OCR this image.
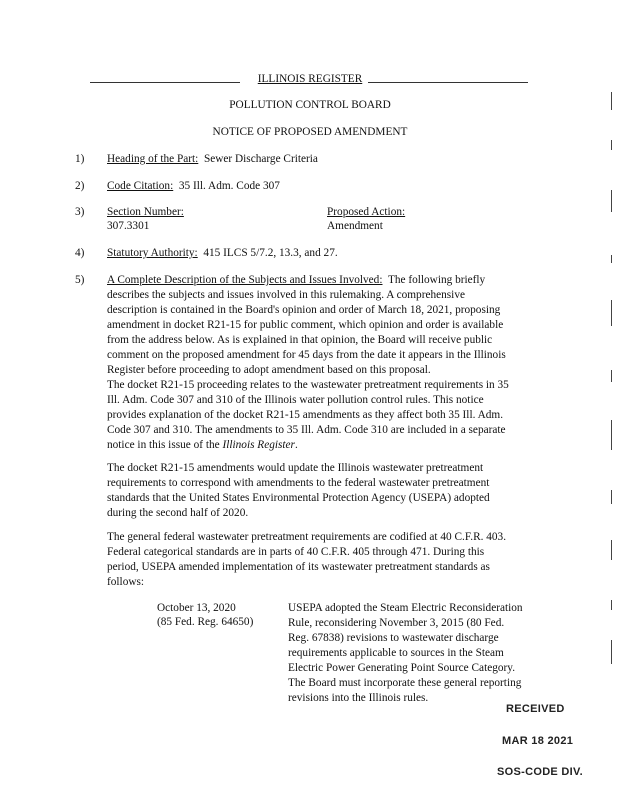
ILLINOIS REGISTER
POLLUTION CONTROL BOARD
NOTICE OF PROPOSED AMENDMENT
1) Heading of the Part: Sewer Discharge Criteria
2) Code Citation: 35 Ill. Adm. Code 307
3) Section Number:
307.3301
Proposed Action:
Amendment
4) Statutory Authority: 415 ILCS 5/7.2, 13.3, and 27.
5) A Complete Description of the Subjects and Issues Involved: The following briefly
describes the subjects and issues involved in this rulemaking. A comprehensive
description is contained in the Board's opinion and order of March 18, 2021, proposing
amendment in docket R21-15 for public comment, which opinion and order is available
from the address below. As is explained in that opinion, the Board will receive public
comment on the proposed amendment for 45 days from the date it appears in the Illinois
Register before proceeding to adopt amendment based on this proposal.
The docket R21-15 proceeding relates to the wastewater pretreatment requirements in 35
Ill. Adm. Code 307 and 310 of the Illinois water pollution control rules. This notice
provides explanation of the docket R21-15 amendments as they affect both 35 Ill. Adm.
Code 307 and 310. The amendments to 35 Ill. Adm. Code 310 are included in a separate
notice in this issue of the Illinois Register.
The docket R21-15 amendments would update the Illinois wastewater pretreatment
requirements to correspond with amendments to the federal wastewater pretreatment
standards that the United States Environmental Protection Agency (USEPA) adopted
during the second half of 2020.
The general federal wastewater pretreatment requirements are codified at 40 C.F.R. 403.
Federal categorical standards are in parts of 40 C.F.R. 405 through 471. During this
period, USEPA amended implementation of its wastewater pretreatment standards as
follows:
October 13, 2020
(85 Fed. Reg. 64650)
USEPA adopted the Steam Electric Reconsideration
Rule, reconsidering November 3, 2015 (80 Fed.
Reg. 67838) revisions to wastewater discharge
requirements applicable to sources in the Steam
Electric Power Generating Point Source Category.
The Board must incorporate these general reporting
revisions into the Illinois rules.
RECEIVED
MAR 18 2021
SOS-CODE DIV.
